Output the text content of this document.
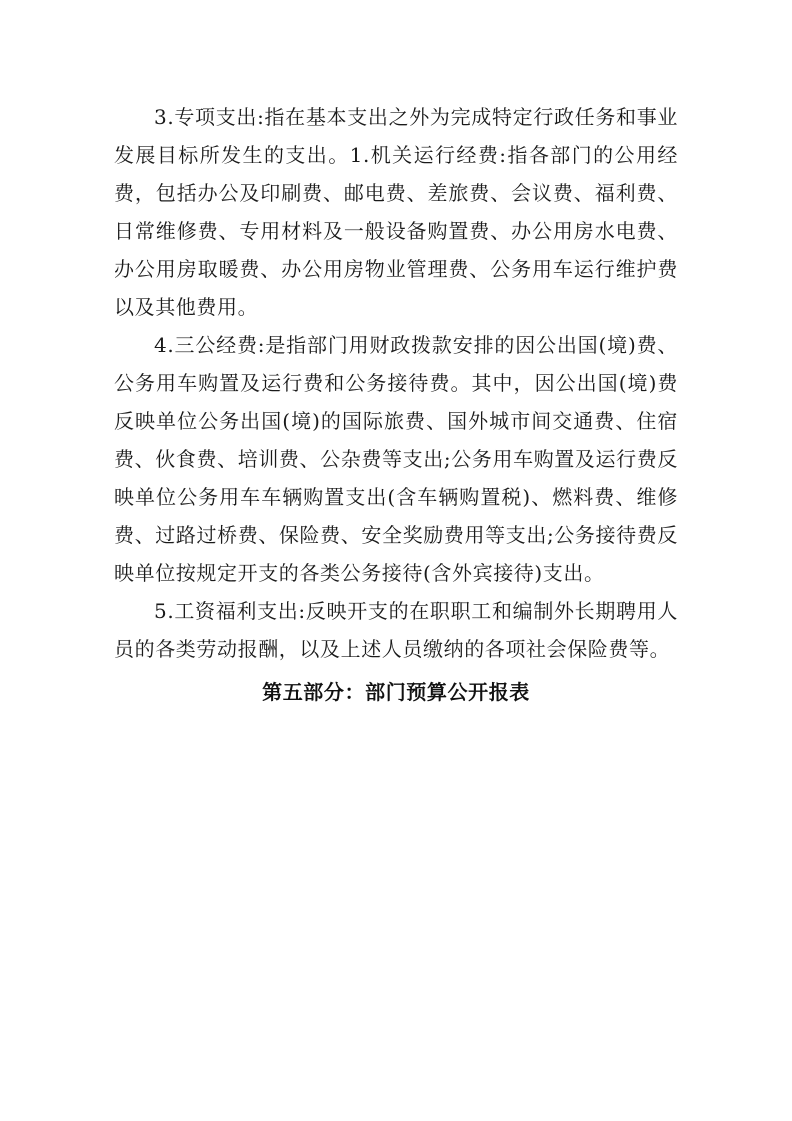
3.专项支出:指在基本支出之外为完成特定行政任务和事业发展目标所发生的支出。1.机关运行经费:指各部门的公用经费，包括办公及印刷费、邮电费、差旅费、会议费、福利费、日常维修费、专用材料及一般设备购置费、办公用房水电费、办公用房取暖费、办公用房物业管理费、公务用车运行维护费以及其他费用。

4.三公经费:是指部门用财政拨款安排的因公出国(境)费、公务用车购置及运行费和公务接待费。其中，因公出国(境)费反映单位公务出国(境)的国际旅费、国外城市间交通费、住宿费、伙食费、培训费、公杂费等支出;公务用车购置及运行费反映单位公务用车车辆购置支出(含车辆购置税)、燃料费、维修费、过路过桥费、保险费、安全奖励费用等支出;公务接待费反映单位按规定开支的各类公务接待(含外宾接待)支出。

5.工资福利支出:反映开支的在职职工和编制外长期聘用人员的各类劳动报酬，以及上述人员缴纳的各项社会保险费等。

第五部分：部门预算公开报表
